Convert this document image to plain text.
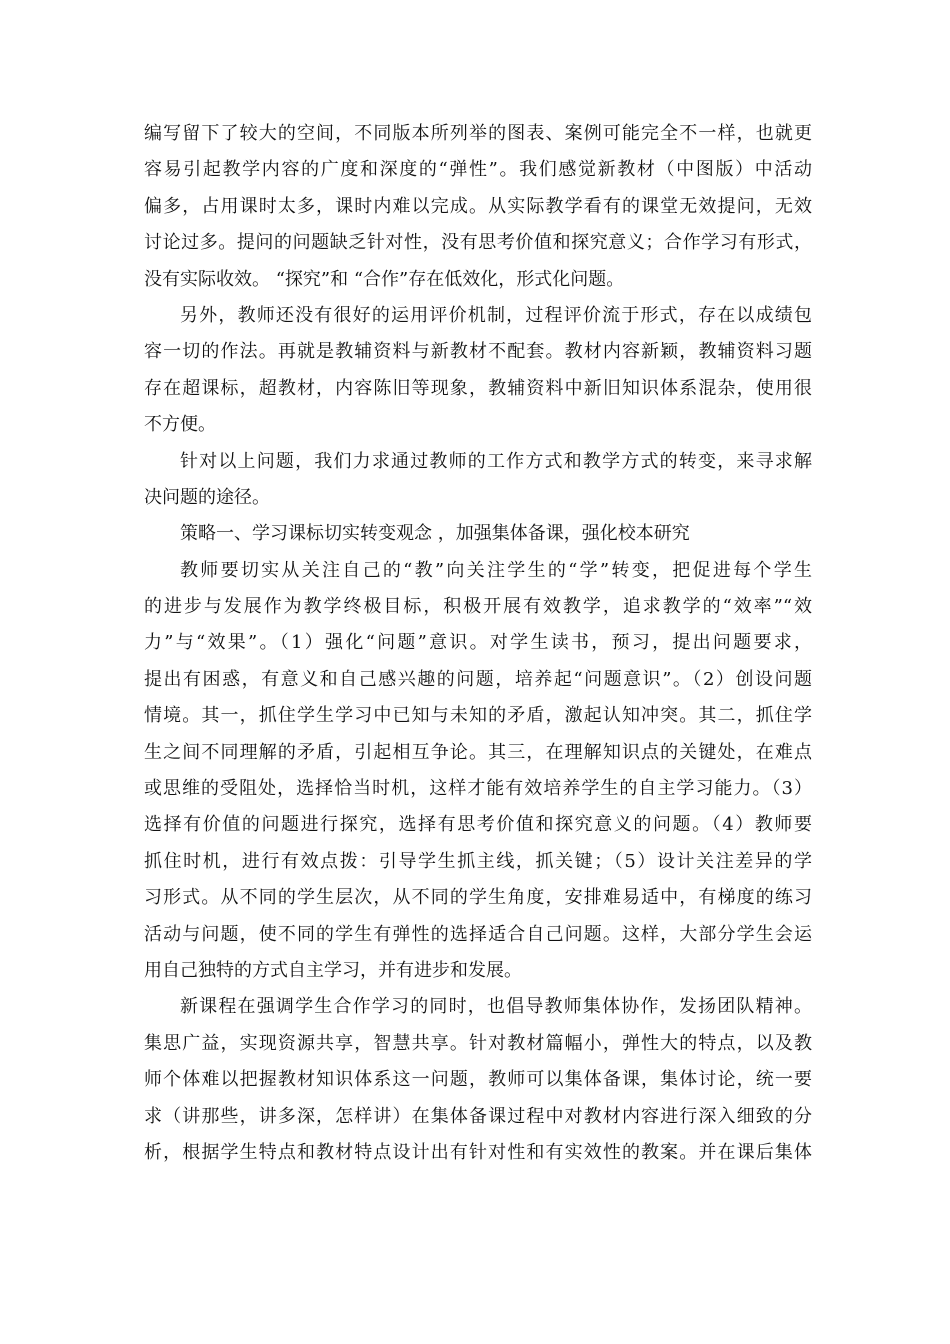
编写留下了较大的空间，不同版本所列举的图表、案例可能完全不一样，也就更
容易引起教学内容的广度和深度的“弹性”。我们感觉新教材（中图版）中活动
偏多，占用课时太多，课时内难以完成。从实际教学看有的课堂无效提问，无效
讨论过多。提问的问题缺乏针对性，没有思考价值和探究意义；合作学习有形式，
没有实际收效。 “探究”和 “合作”存在低效化，形式化问题。
另外，教师还没有很好的运用评价机制，过程评价流于形式，存在以成绩包
容一切的作法。再就是教辅资料与新教材不配套。教材内容新颖，教辅资料习题
存在超课标，超教材，内容陈旧等现象，教辅资料中新旧知识体系混杂，使用很
不方便。
针对以上问题，我们力求通过教师的工作方式和教学方式的转变，来寻求解
决问题的途径。
策略一、学习课标切实转变观念 ，加强集体备课，强化校本研究
教师要切实从关注自己的“教”向关注学生的“学”转变，把促进每个学生
的进步与发展作为教学终极目标，积极开展有效教学，追求教学的“效率”“效
力”与“效果”。（1）强化“问题”意识。对学生读书，预习，提出问题要求，
提出有困惑，有意义和自己感兴趣的问题，培养起“问题意识”。（2）创设问题
情境。其一，抓住学生学习中已知与未知的矛盾，激起认知冲突。其二，抓住学
生之间不同理解的矛盾，引起相互争论。其三，在理解知识点的关键处，在难点
或思维的受阻处，选择恰当时机，这样才能有效培养学生的自主学习能力。（3）
选择有价值的问题进行探究，选择有思考价值和探究意义的问题。（4）教师要
抓住时机，进行有效点拨：引导学生抓主线，抓关键；（5）设计关注差异的学
习形式。从不同的学生层次，从不同的学生角度，安排难易适中，有梯度的练习
活动与问题，使不同的学生有弹性的选择适合自己问题。这样，大部分学生会运
用自己独特的方式自主学习，并有进步和发展。
新课程在强调学生合作学习的同时，也倡导教师集体协作，发扬团队精神。
集思广益，实现资源共享，智慧共享。针对教材篇幅小，弹性大的特点，以及教
师个体难以把握教材知识体系这一问题，教师可以集体备课，集体讨论，统一要
求（讲那些，讲多深，怎样讲）在集体备课过程中对教材内容进行深入细致的分
析，根据学生特点和教材特点设计出有针对性和有实效性的教案。并在课后集体
